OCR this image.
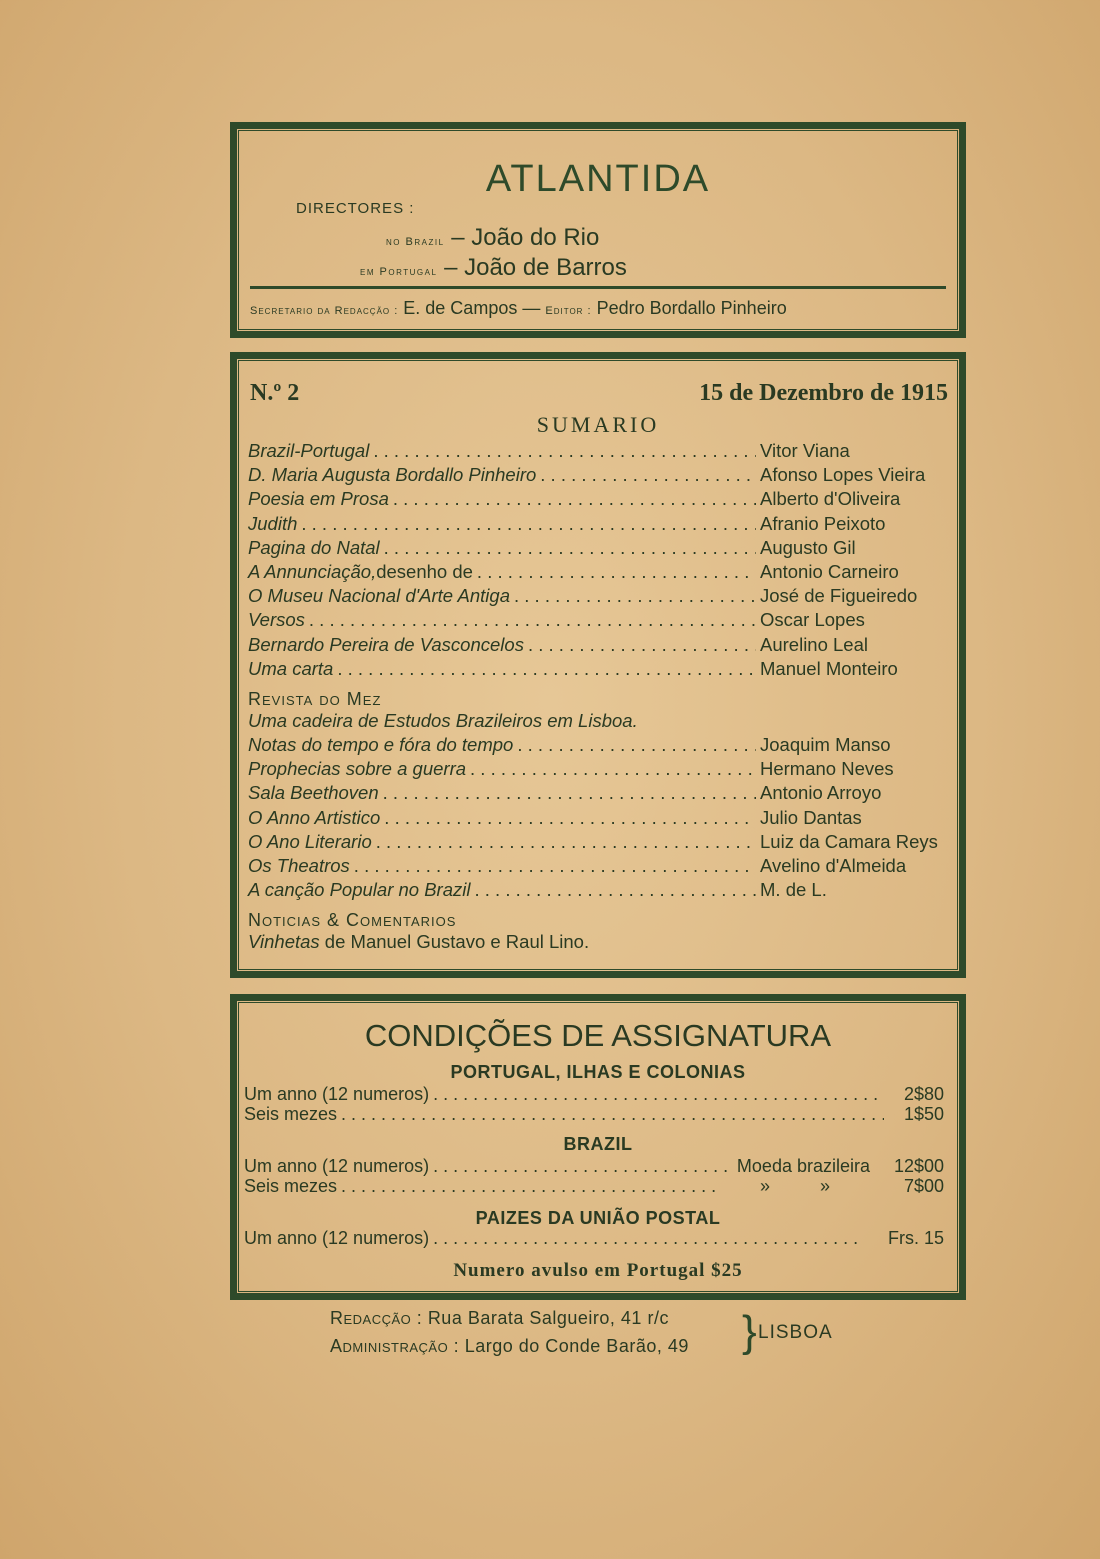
ATLANTIDA
DIRECTORES :
no Brazil – João do Rio
em Portugal – João de Barros
Secretario da Redacção : E. de Campos — Editor : Pedro Bordallo Pinheiro
N.º 2	15 de Dezembro de 1915
SUMARIO
Brazil-Portugal . . .	Vitor Viana
D. Maria Augusta Bordallo Pinheiro . . .	Afonso Lopes Vieira
Poesia em Prosa . . .	Alberto d'Oliveira
Judith . . .	Afranio Peixoto
Pagina do Natal . . .	Augusto Gil
A Annunciação, desenho de . . .	Antonio Carneiro
O Museu Nacional d'Arte Antiga . . .	José de Figueiredo
Versos . . .	Oscar Lopes
Bernardo Pereira de Vasconcelos . . .	Aurelino Leal
Uma carta . . .	Manuel Monteiro
Revista do Mez
Uma cadeira de Estudos Brazileiros em Lisboa.
Notas do tempo e fóra do tempo . . .	Joaquim Manso
Prophecias sobre a guerra . . .	Hermano Neves
Sala Beethoven . . .	Antonio Arroyo
O Anno Artistico . . .	Julio Dantas
O Ano Literario . . .	Luiz da Camara Reys
Os Theatros . . .	Avelino d'Almeida
A canção Popular no Brazil . . .	M. de L.
Noticias & Comentarios
Vinhetas de Manuel Gustavo e Raul Lino.
CONDIÇÕES DE ASSIGNATURA
PORTUGAL, ILHAS E COLONIAS
Um anno (12 numeros) . . .	2$80
Seis mezes . . .	1$50
BRAZIL
Um anno (12 numeros) . . .	Moeda brazileira	12$00
Seis mezes . . .	»          »	7$00
PAIZES DA UNIÃO POSTAL
Um anno (12 numeros) . . .	Frs. 15
Numero avulso em Portugal $25
Redacção : Rua Barata Salgueiro, 41 r/c
Administração : Largo do Conde Barão, 49 } LISBOA
